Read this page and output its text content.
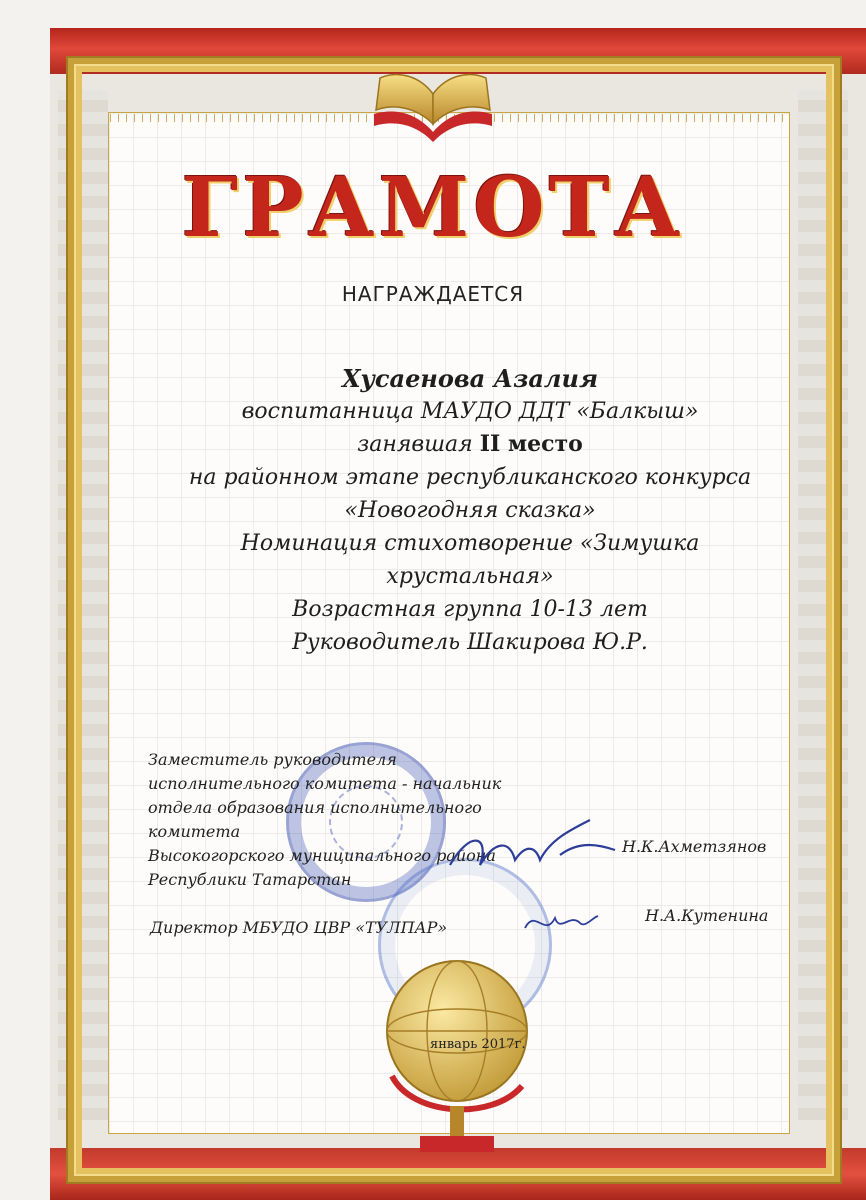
ГРАМОТА
НАГРАЖДАЕТСЯ
Хусаенова Азалия
воспитанница МАУДО ДДТ «Балкыш»
занявшая II место
на районном этапе республиканского конкурса
«Новогодняя сказка»
Номинация стихотворение «Зимушка
хрустальная»
Возрастная группа 10-13 лет
Руководитель Шакирова Ю.Р.
Заместитель руководителя
исполнительного комитета - начальник
отдела образования исполнительного комитета
Высокогорского муниципального района
Республики Татарстан
Н.К.Ахметзянов
Директор МБУДО ЦВР «ТУЛПАР»
Н.А.Кутенина
январь 2017г.
